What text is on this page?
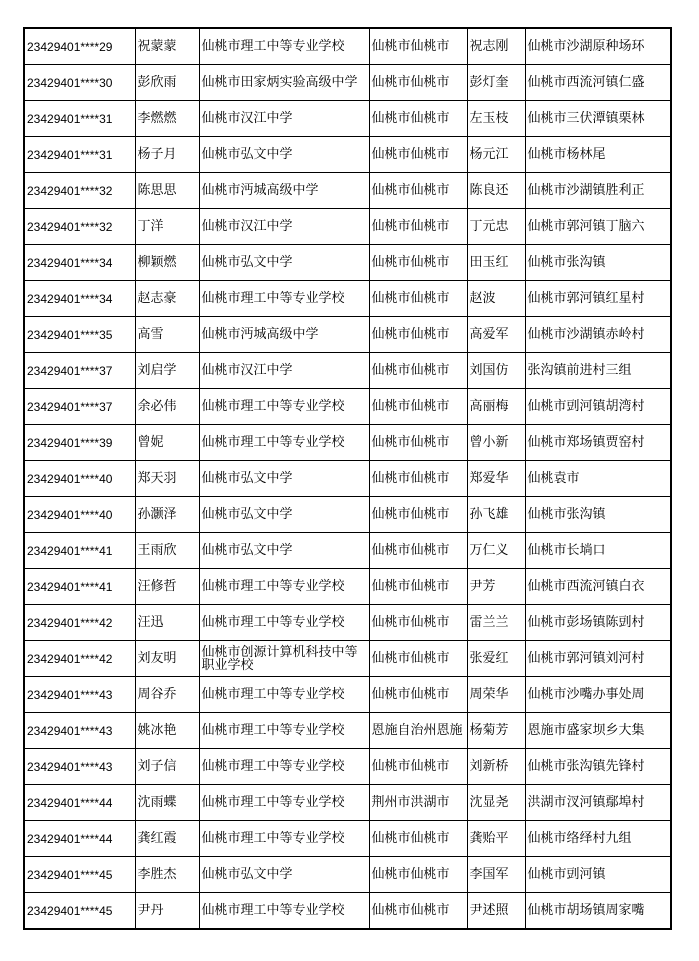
23429401****29	祝蒙蒙	仙桃市理工中等专业学校	仙桃市仙桃市	祝志刚	仙桃市沙湖原种场环
23429401****30	彭欣雨	仙桃市田家炳实验高级中学	仙桃市仙桃市	彭灯奎	仙桃市西流河镇仁盛
23429401****31	李燃燃	仙桃市汉江中学	仙桃市仙桃市	左玉枝	仙桃市三伏潭镇栗林
23429401****31	杨子月	仙桃市弘文中学	仙桃市仙桃市	杨元江	仙桃市杨林尾
23429401****32	陈思思	仙桃市沔城高级中学	仙桃市仙桃市	陈良还	仙桃市沙湖镇胜利正
23429401****32	丁洋	仙桃市汉江中学	仙桃市仙桃市	丁元忠	仙桃市郭河镇丁脑六
23429401****34	柳颖燃	仙桃市弘文中学	仙桃市仙桃市	田玉红	仙桃市张沟镇
23429401****34	赵志豪	仙桃市理工中等专业学校	仙桃市仙桃市	赵波	仙桃市郭河镇红星村
23429401****35	高雪	仙桃市沔城高级中学	仙桃市仙桃市	高爱军	仙桃市沙湖镇赤岭村
23429401****37	刘启学	仙桃市汉江中学	仙桃市仙桃市	刘国仿	张沟镇前进村三组
23429401****37	余必伟	仙桃市理工中等专业学校	仙桃市仙桃市	高丽梅	仙桃市剅河镇胡湾村
23429401****39	曾妮	仙桃市理工中等专业学校	仙桃市仙桃市	曾小新	仙桃市郑场镇贾窑村
23429401****40	郑天羽	仙桃市弘文中学	仙桃市仙桃市	郑爱华	仙桃袁市
23429401****40	孙灏泽	仙桃市弘文中学	仙桃市仙桃市	孙飞雄	仙桃市张沟镇
23429401****41	王雨欣	仙桃市弘文中学	仙桃市仙桃市	万仁义	仙桃市长埫口
23429401****41	汪修哲	仙桃市理工中等专业学校	仙桃市仙桃市	尹芳	仙桃市西流河镇白衣
23429401****42	汪迅	仙桃市理工中等专业学校	仙桃市仙桃市	雷兰兰	仙桃市彭场镇陈剅村
23429401****42	刘友明	仙桃市创源计算机科技中等职业学校	仙桃市仙桃市	张爱红	仙桃市郭河镇刘河村
23429401****43	周谷乔	仙桃市理工中等专业学校	仙桃市仙桃市	周荣华	仙桃市沙嘴办事处周
23429401****43	姚冰艳	仙桃市理工中等专业学校	恩施自治州恩施	杨菊芳	恩施市盛家坝乡大集
23429401****43	刘子信	仙桃市理工中等专业学校	仙桃市仙桃市	刘新桥	仙桃市张沟镇先锋村
23429401****44	沈雨蝶	仙桃市理工中等专业学校	荆州市洪湖市	沈显尧	洪湖市汊河镇鄢埠村
23429401****44	龚红霞	仙桃市理工中等专业学校	仙桃市仙桃市	龚贻平	仙桃市络绎村九组
23429401****45	李胜杰	仙桃市弘文中学	仙桃市仙桃市	李国军	仙桃市剅河镇
23429401****45	尹丹	仙桃市理工中等专业学校	仙桃市仙桃市	尹述照	仙桃市胡场镇周家嘴
